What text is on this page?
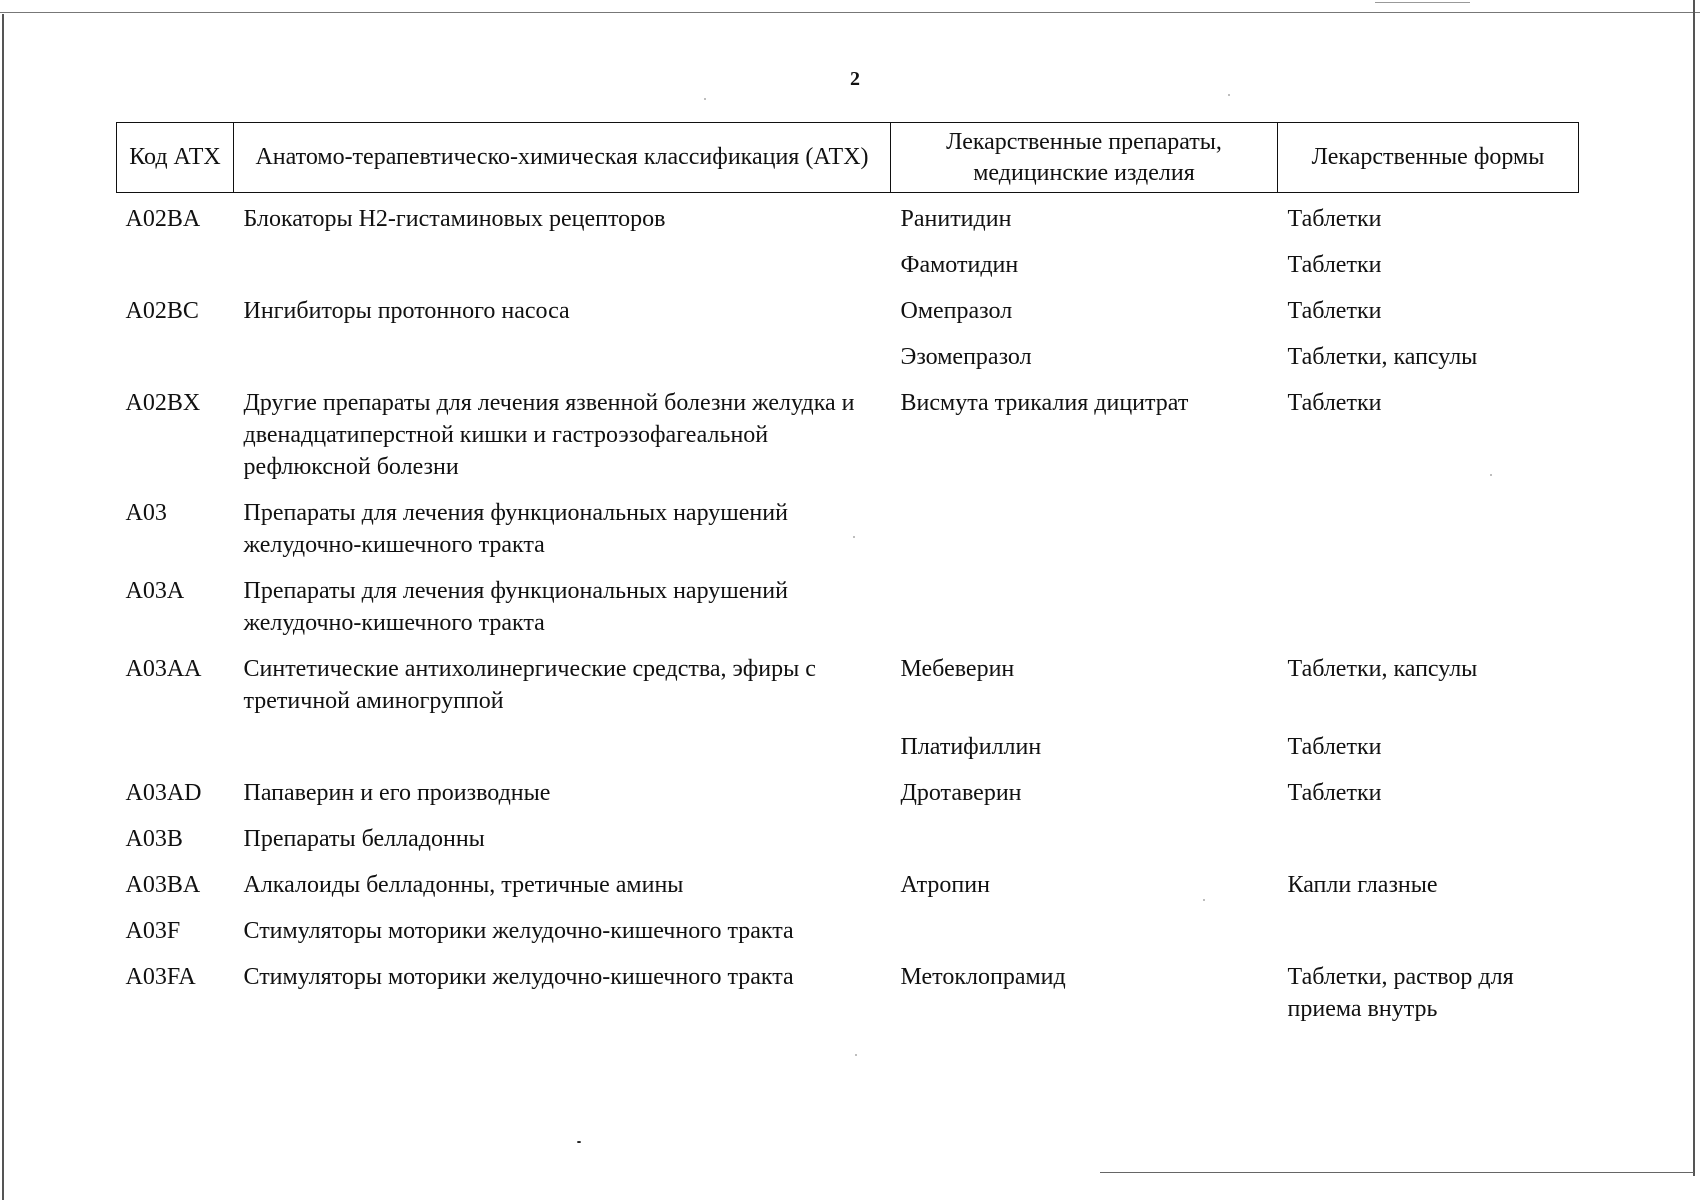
2
Код АТХ	Анатомо-терапевтическо-химическая классификация (АТХ)	Лекарственные препараты, медицинские изделия	Лекарственные формы
A02BA	Блокаторы H2-гистаминовых рецепторов	Ранитидин	Таблетки
		Фамотидин	Таблетки
A02BC	Ингибиторы протонного насоса	Омепразол	Таблетки
		Эзомепразол	Таблетки, капсулы
A02BX	Другие препараты для лечения язвенной болезни желудка и двенадцатиперстной кишки и гастроэзофагеальной рефлюксной болезни	Висмута трикалия дицитрат	Таблетки
A03	Препараты для лечения функциональных нарушений желудочно-кишечного тракта		
A03A	Препараты для лечения функциональных нарушений желудочно-кишечного тракта		
A03AA	Синтетические антихолинергические средства, эфиры с третичной аминогруппой	Мебеверин	Таблетки, капсулы
		Платифиллин	Таблетки
A03AD	Папаверин и его производные	Дротаверин	Таблетки
A03B	Препараты белладонны		
A03BA	Алкалоиды белладонны, третичные амины	Атропин	Капли глазные
A03F	Стимуляторы моторики желудочно-кишечного тракта		
A03FA	Стимуляторы моторики желудочно-кишечного тракта	Метоклопрамид	Таблетки, раствор для приема внутрь
